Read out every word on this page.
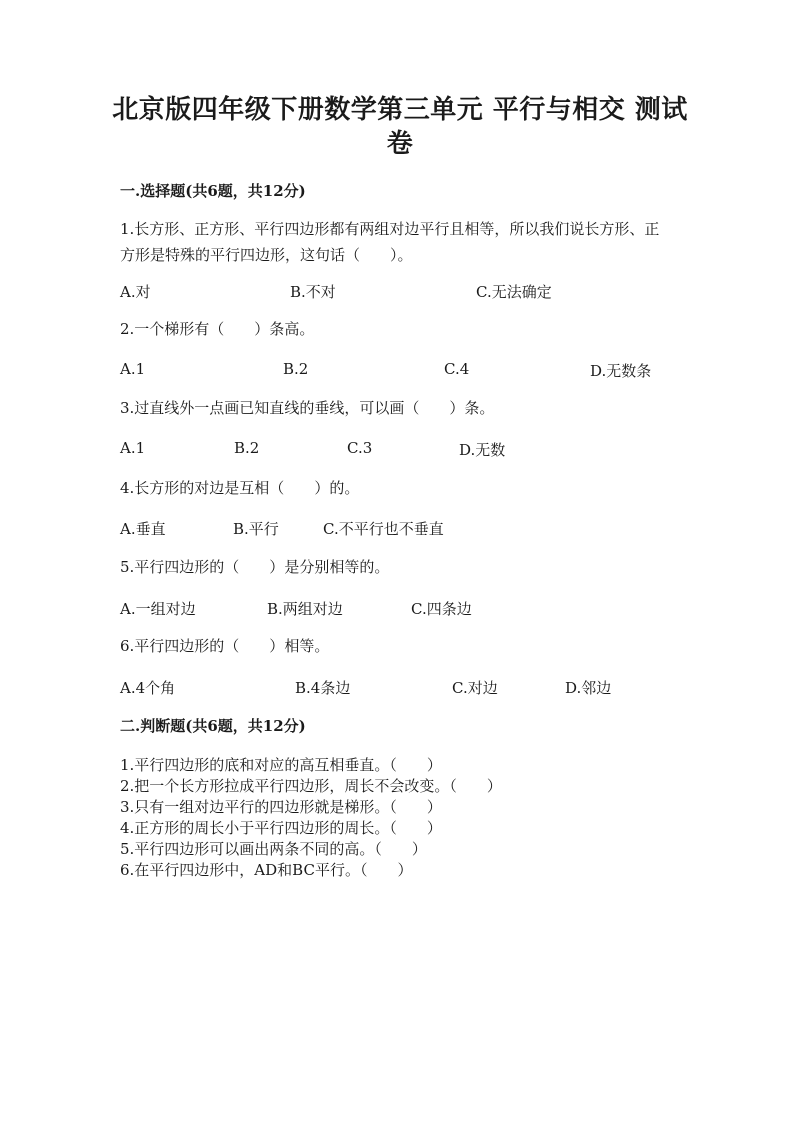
北京版四年级下册数学第三单元 平行与相交 测试卷
一.选择题(共6题，共12分)
1.长方形、正方形、平行四边形都有两组对边平行且相等，所以我们说长方形、正方形是特殊的平行四边形，这句话（　　）。
A.对	B.不对	C.无法确定
2.一个梯形有（　　）条高。
A.1	B.2	C.4	D.无数条
3.过直线外一点画已知直线的垂线，可以画（　　）条。
A.1	B.2	C.3	D.无数
4.长方形的对边是互相（　　）的。
A.垂直	B.平行	C.不平行也不垂直
5.平行四边形的（　　）是分别相等的。
A.一组对边	B.两组对边	C.四条边
6.平行四边形的（　　）相等。
A.4个角	B.4条边	C.对边	D.邻边
二.判断题(共6题，共12分)
1.平行四边形的底和对应的高互相垂直。（　　）
2.把一个长方形拉成平行四边形，周长不会改变。（　　）
3.只有一组对边平行的四边形就是梯形。（　　）
4.正方形的周长小于平行四边形的周长。（　　）
5.平行四边形可以画出两条不同的高。（　　）
6.在平行四边形中，AD和BC平行。（　　）
